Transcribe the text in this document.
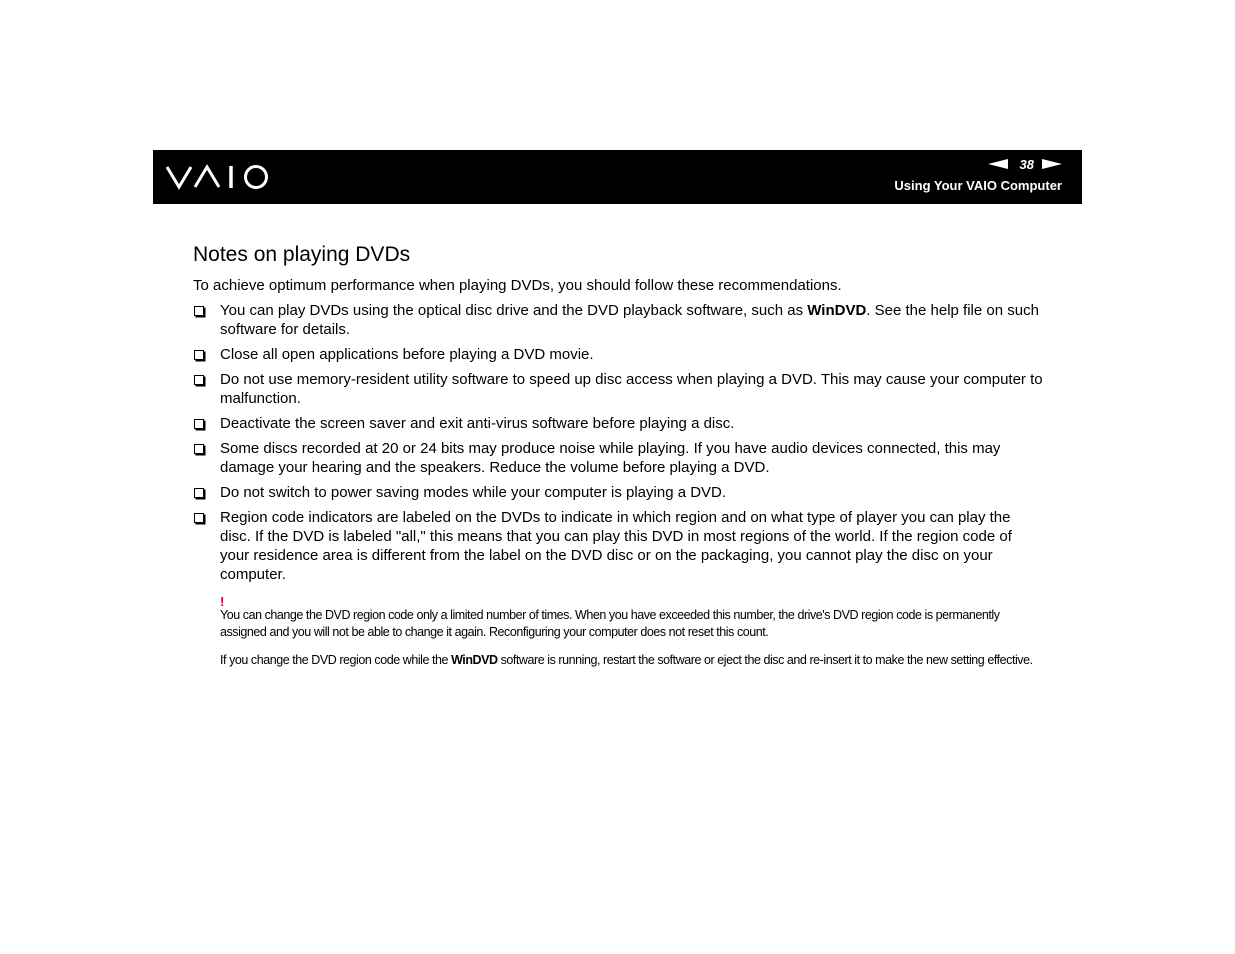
38
Using Your VAIO Computer
Notes on playing DVDs

To achieve optimum performance when playing DVDs, you should follow these recommendations.

You can play DVDs using the optical disc drive and the DVD playback software, such as WinDVD. See the help file on such software for details.
Close all open applications before playing a DVD movie.
Do not use memory-resident utility software to speed up disc access when playing a DVD. This may cause your computer to malfunction.
Deactivate the screen saver and exit anti-virus software before playing a disc.
Some discs recorded at 20 or 24 bits may produce noise while playing. If you have audio devices connected, this may damage your hearing and the speakers. Reduce the volume before playing a DVD.
Do not switch to power saving modes while your computer is playing a DVD.
Region code indicators are labeled on the DVDs to indicate in which region and on what type of player you can play the disc. If the DVD is labeled "all," this means that you can play this DVD in most regions of the world. If the region code of your residence area is different from the label on the DVD disc or on the packaging, you cannot play the disc on your computer.
!

You can change the DVD region code only a limited number of times. When you have exceeded this number, the drive's DVD region code is permanently assigned and you will not be able to change it again. Reconfiguring your computer does not reset this count.

If you change the DVD region code while the WinDVD software is running, restart the software or eject the disc and re-insert it to make the new setting effective.
